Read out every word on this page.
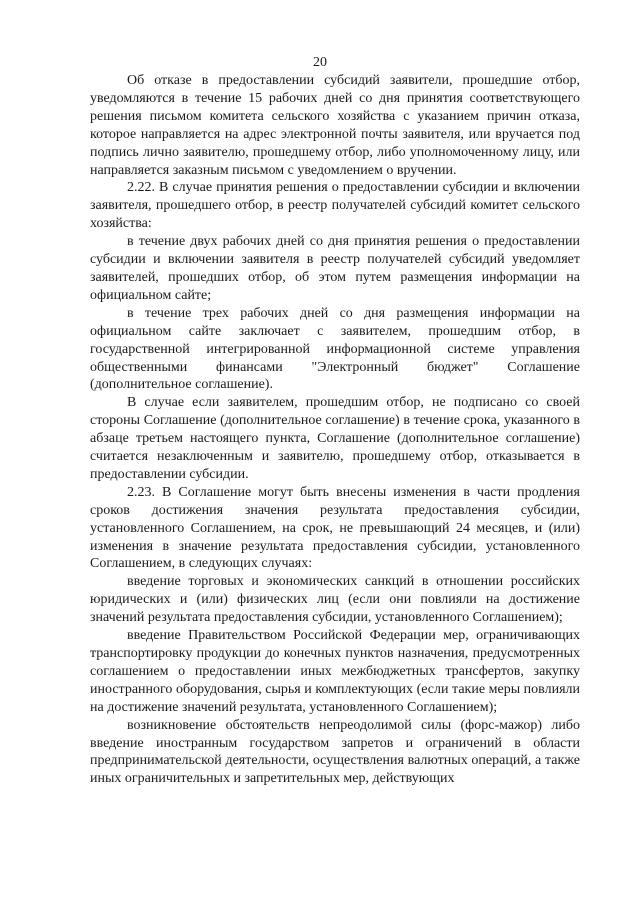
20

Об отказе в предоставлении субсидий заявители, прошедшие отбор, уведомляются в течение 15 рабочих дней со дня принятия соответствующего решения письмом комитета сельского хозяйства с указанием причин отказа, которое направляется на адрес электронной почты заявителя, или вручается под подпись лично заявителю, прошедшему отбор, либо уполномоченному лицу, или направляется заказным письмом с уведомлением о вручении.

2.22. В случае принятия решения о предоставлении субсидии и включении заявителя, прошедшего отбор, в реестр получателей субсидий комитет сельского хозяйства:

в течение двух рабочих дней со дня принятия решения о предоставлении субсидии и включении заявителя в реестр получателей субсидий уведомляет заявителей, прошедших отбор, об этом путем размещения информации на официальном сайте;

в течение трех рабочих дней со дня размещения информации на официальном сайте заключает с заявителем, прошедшим отбор, в государственной интегрированной информационной системе управления общественными финансами "Электронный бюджет" Соглашение (дополнительное соглашение).

В случае если заявителем, прошедшим отбор, не подписано со своей стороны Соглашение (дополнительное соглашение) в течение срока, указанного в абзаце третьем настоящего пункта, Соглашение (дополнительное соглашение) считается незаключенным и заявителю, прошедшему отбор, отказывается в предоставлении субсидии.

2.23. В Соглашение могут быть внесены изменения в части продления сроков достижения значения результата предоставления субсидии, установленного Соглашением, на срок, не превышающий 24 месяцев, и (или) изменения в значение результата предоставления субсидии, установленного Соглашением, в следующих случаях:

введение торговых и экономических санкций в отношении российских юридических и (или) физических лиц (если они повлияли на достижение значений результата предоставления субсидии, установленного Соглашением);

введение Правительством Российской Федерации мер, ограничивающих транспортировку продукции до конечных пунктов назначения, предусмотренных соглашением о предоставлении иных межбюджетных трансфертов, закупку иностранного оборудования, сырья и комплектующих (если такие меры повлияли на достижение значений результата, установленного Соглашением);

возникновение обстоятельств непреодолимой силы (форс-мажор) либо введение иностранным государством запретов и ограничений в области предпринимательской деятельности, осуществления валютных операций, а также иных ограничительных и запретительных мер, действующих
